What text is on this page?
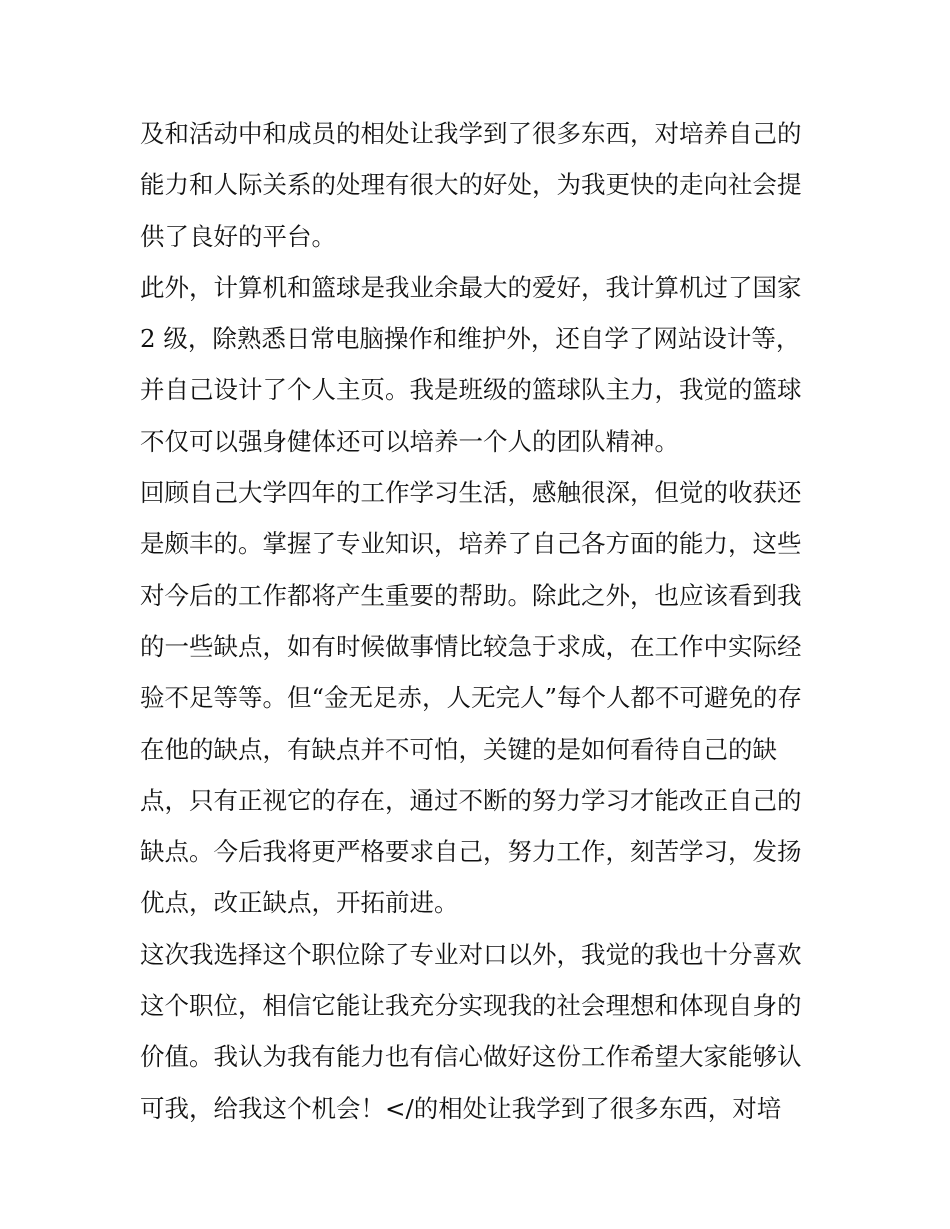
及和活动中和成员的相处让我学到了很多东西，对培养自己的
能力和人际关系的处理有很大的好处，为我更快的走向社会提
供了良好的平台。
此外，计算机和篮球是我业余最大的爱好，我计算机过了国家
2 级，除熟悉日常电脑操作和维护外，还自学了网站设计等，
并自己设计了个人主页。我是班级的篮球队主力，我觉的篮球
不仅可以强身健体还可以培养一个人的团队精神。
回顾自己大学四年的工作学习生活，感触很深，但觉的收获还
是颇丰的。掌握了专业知识，培养了自己各方面的能力，这些
对今后的工作都将产生重要的帮助。除此之外，也应该看到我
的一些缺点，如有时候做事情比较急于求成，在工作中实际经
验不足等等。但“金无足赤，人无完人”每个人都不可避免的存
在他的缺点，有缺点并不可怕，关键的是如何看待自己的缺
点，只有正视它的存在，通过不断的努力学习才能改正自己的
缺点。今后我将更严格要求自己，努力工作，刻苦学习，发扬
优点，改正缺点，开拓前进。
这次我选择这个职位除了专业对口以外，我觉的我也十分喜欢
这个职位，相信它能让我充分实现我的社会理想和体现自身的
价值。我认为我有能力也有信心做好这份工作希望大家能够认
可我，给我这个机会！</的相处让我学到了很多东西，对培
